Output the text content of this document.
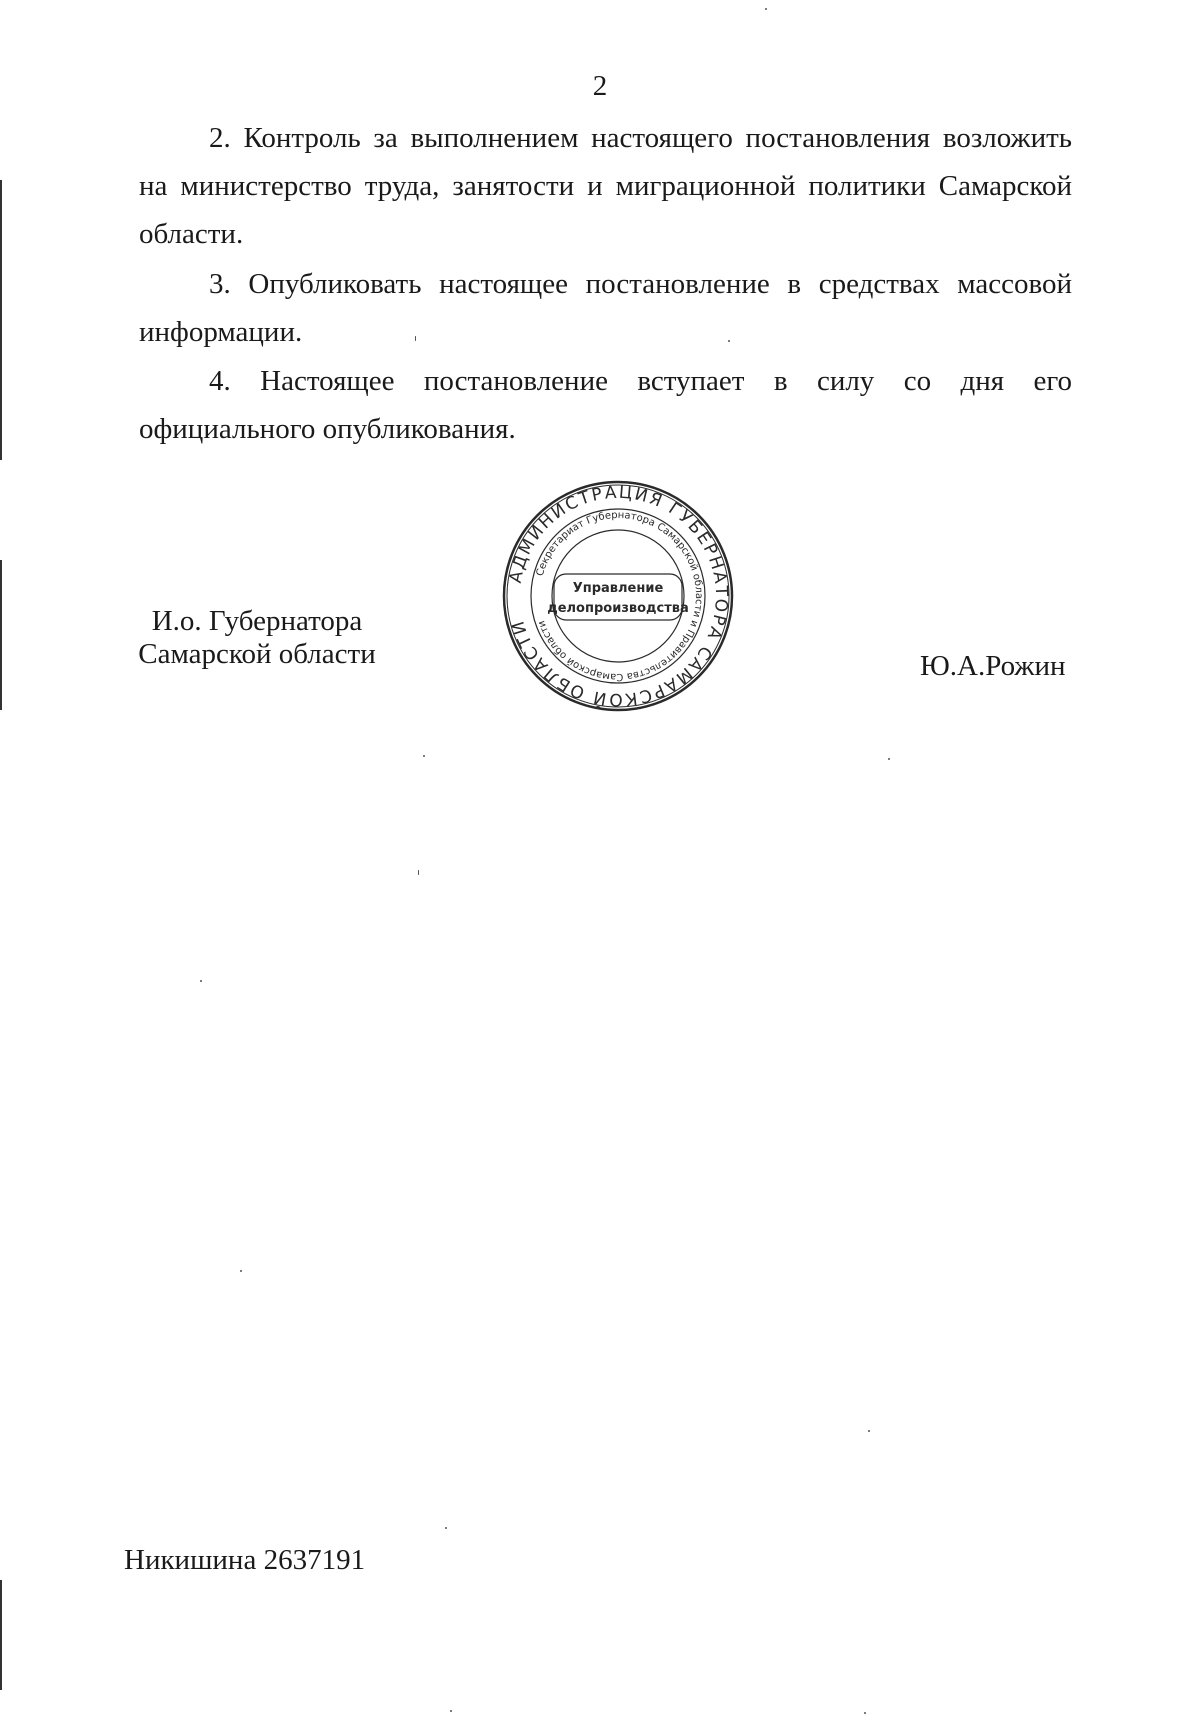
2

2. Контроль за выполнением настоящего постановления возложить на министерство труда, занятости и миграционной политики Самарской области.

3. Опубликовать настоящее постановление в средствах массовой информации.

4. Настоящее постановление вступает в силу со дня его официального опубликования.

И.о. Губернатора
Самарской области
АДМИНИСТРАЦИЯ ГУБЕРНАТОРА САМАРСКОЙ ОБЛАСТИ
Секретариат Губернатора Самарской области и Правительства Самарской области
Управление
делопроизводства
Ю.А.Рожин
Никишина 2637191
